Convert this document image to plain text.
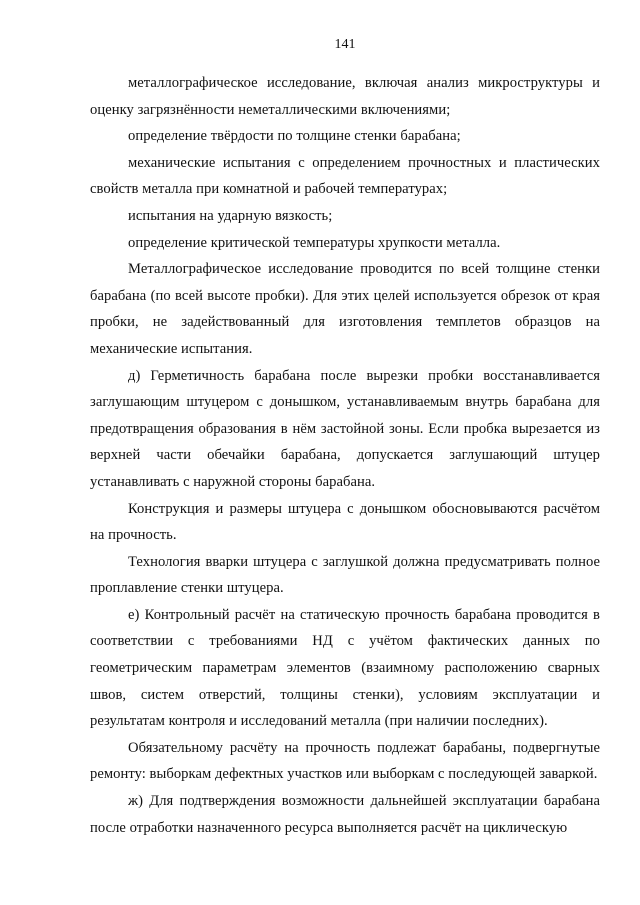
141

металлографическое исследование, включая анализ микроструктуры и оценку загрязнённости неметаллическими включениями;

определение твёрдости по толщине стенки барабана;

механические испытания с определением прочностных и пластических свойств металла при комнатной и рабочей температурах;

испытания на ударную вязкость;

определение критической температуры хрупкости металла.

Металлографическое исследование проводится по всей толщине стенки барабана (по всей высоте пробки). Для этих целей используется обрезок от края пробки, не задействованный для изготовления темплетов образцов на механические испытания.

д) Герметичность барабана после вырезки пробки восстанавливается заглушающим штуцером с донышком, устанавливаемым внутрь барабана для предотвращения образования в нём застойной зоны. Если пробка вырезается из верхней части обечайки барабана, допускается заглушающий штуцер устанавливать с наружной стороны барабана.

Конструкция и размеры штуцера с донышком обосновываются расчётом на прочность.

Технология вварки штуцера с заглушкой должна предусматривать полное проплавление стенки штуцера.

е) Контрольный расчёт на статическую прочность барабана проводится в соответствии с требованиями НД с учётом фактических данных по геометрическим параметрам элементов (взаимному расположению сварных швов, систем отверстий, толщины стенки), условиям эксплуатации и результатам контроля и исследований металла (при наличии последних).

Обязательному расчёту на прочность подлежат барабаны, подвергнутые ремонту: выборкам дефектных участков или выборкам с последующей заваркой.

ж) Для подтверждения возможности дальнейшей эксплуатации барабана после отработки назначенного ресурса выполняется расчёт на циклическую
